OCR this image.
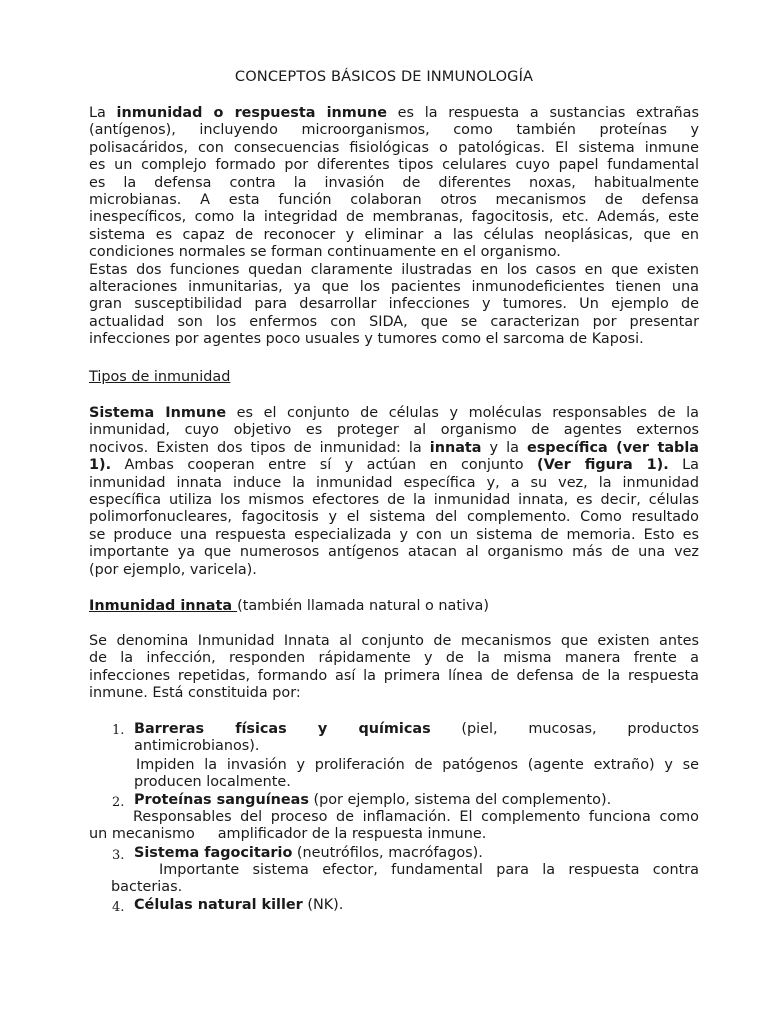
CONCEPTOS BÁSICOS DE INMUNOLOGÍA
La inmunidad o respuesta inmune es la respuesta a sustancias extrañas
(antígenos), incluyendo microorganismos, como también proteínas y
polisacáridos, con consecuencias fisiológicas o patológicas. El sistema inmune
es un complejo formado por diferentes tipos celulares cuyo papel fundamental
es la defensa contra la invasión de diferentes noxas, habitualmente
microbianas. A esta función colaboran otros mecanismos de defensa
inespecíficos, como la integridad de membranas, fagocitosis, etc. Además, este
sistema es capaz de reconocer y eliminar a las células neoplásicas, que en
condiciones normales se forman continuamente en el organismo.
Estas dos funciones quedan claramente ilustradas en los casos en que existen
alteraciones inmunitarias, ya que los pacientes inmunodeficientes tienen una
gran susceptibilidad para desarrollar infecciones y tumores. Un ejemplo de
actualidad son los enfermos con SIDA, que se caracterizan por presentar
infecciones por agentes poco usuales y tumores como el sarcoma de Kaposi.
Tipos de inmunidad
Sistema Inmune es el conjunto de células y moléculas responsables de la
inmunidad, cuyo objetivo es proteger al organismo de agentes externos
nocivos. Existen dos tipos de inmunidad: la innata y la específica (ver tabla
1). Ambas cooperan entre sí y actúan en conjunto (Ver figura 1). La
inmunidad innata induce la inmunidad específica y, a su vez, la inmunidad
específica utiliza los mismos efectores de la inmunidad innata, es decir, células
polimorfonucleares, fagocitosis y el sistema del complemento. Como resultado
se produce una respuesta especializada y con un sistema de memoria. Esto es
importante ya que numerosos antígenos atacan al organismo más de una vez
(por ejemplo, varicela).
Inmunidad innata (también llamada natural o nativa)
Se denomina Inmunidad Innata al conjunto de mecanismos que existen antes
de la infección, responden rápidamente y de la misma manera frente a
infecciones repetidas, formando así la primera línea de defensa de la respuesta
inmune. Está constituida por:
1. Barreras físicas y químicas (piel, mucosas, productos
antimicrobianos).
Impiden la invasión y proliferación de patógenos (agente extraño) y se
producen localmente.
2. Proteínas sanguíneas (por ejemplo, sistema del complemento).
Responsables del proceso de inflamación. El complemento funciona como
un mecanismo     amplificador de la respuesta inmune.
3. Sistema fagocitario (neutrófilos, macrófagos).
Importante sistema efector, fundamental para la respuesta contra
bacterias.
4. Células natural killer (NK).
